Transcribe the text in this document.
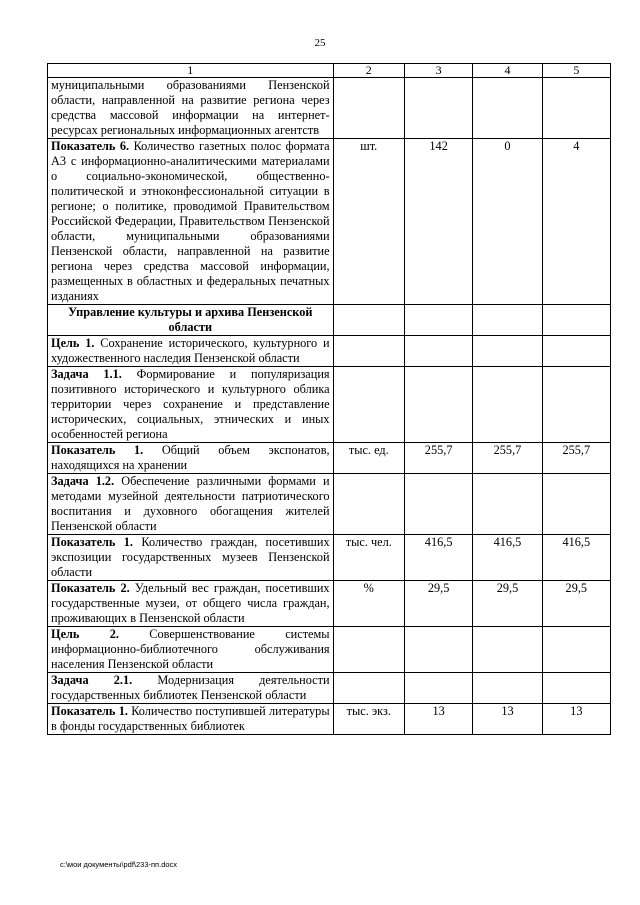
25
1	2	3	4	5
муниципальными образованиями Пензенской области, направленной на развитие региона через средства массовой информации на интернет-ресурсах региональных информационных агентств				
Показатель 6. Количество газетных полос формата А3 с информационно-аналитическими материалами о социально-экономической, общественно-политической и этноконфессиональной ситуации в регионе; о политике, проводимой Правительством Российской Федерации, Правительством Пензенской области, муниципальными образованиями Пензенской области, направленной на развитие региона через средства массовой информации, размещенных в областных и федеральных печатных изданиях	шт.	142	0	4
Управление культуры и архива Пензенской области				
Цель 1. Сохранение исторического, культурного и художественного наследия Пензенской области				
Задача 1.1. Формирование и популяризация позитивного исторического и культурного облика территории через сохранение и представление исторических, социальных, этнических и иных особенностей региона				
Показатель 1. Общий объем экспонатов, находящихся на хранении	тыс. ед.	255,7	255,7	255,7
Задача 1.2. Обеспечение различными формами и методами музейной деятельности патриотического воспитания и духовного обогащения жителей Пензенской области				
Показатель 1. Количество граждан, посетивших экспозиции государственных музеев Пензенской области	тыс. чел.	416,5	416,5	416,5
Показатель 2. Удельный вес граждан, посетивших государственные музеи, от общего числа граждан, проживающих в Пензенской области	%	29,5	29,5	29,5
Цель 2. Совершенствование системы информационно-библиотечного обслуживания населения Пензенской области				
Задача 2.1. Модернизация деятельности государственных библиотек Пензенской области				
Показатель 1. Количество поступившей литературы в фонды государственных библиотек	тыс. экз.	13	13	13
c:\мои документы\pdf\233-пп.docx
